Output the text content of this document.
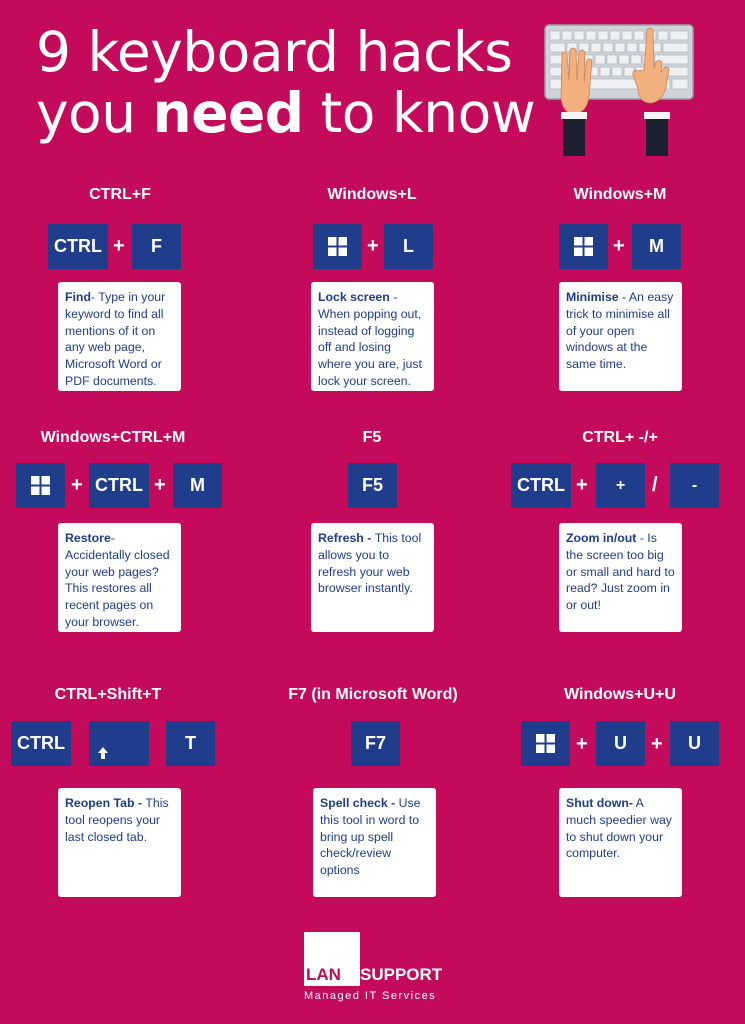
9 keyboard hacks
you need to know
CTRL+F
CTRL +	F
Find- Type in your keyword to find all mentions of it on any web page, Microsoft Word or PDF documents.
Windows+L
+	L
Lock screen - When popping out, instead of logging off and losing where you are, just lock your screen.
Windows+M
+	M
Minimise - An easy trick to minimise all of your open windows at the same time.
Windows+CTRL+M
+ CTRL +	M
Restore- Accidentally closed your web pages? This restores all recent pages on your browser.
F5
F5
Refresh - This tool allows you to refresh your web browser instantly.
CTRL+ -/+
CTRL +	+	/	-
Zoom in/out - Is the screen too big or small and hard to read? Just zoom in or out!
CTRL+Shift+T
CTRL	T
Reopen Tab - This tool reopens your last closed tab.
F7 (in Microsoft Word)
F7
Spell check - Use this tool in word to bring up spell check/review options
Windows+U+U
+	U	+	U
Shut down- A much speedier way to shut down your computer.
LAN SUPPORT
Managed IT Services
